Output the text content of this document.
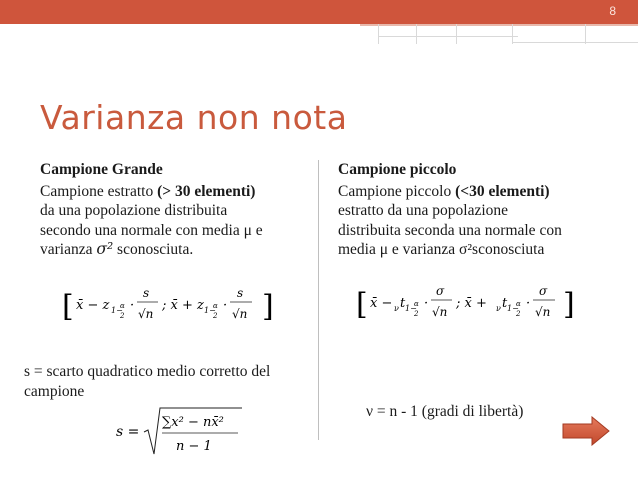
8
Varianza non nota

Campione Grande

Campione estratto (> 30 elementi)

da una popolazione distribuita

secondo una normale con media μ e

varianza σ² sconosciuta.

[ x̄ − z 1−
α
2
·
s
√n
; x̄ + z 1−
α
2
·
s
√n ]
s = scarto quadratico medio corretto del
campione
s =
∑x² − nx̄²
n − 1

Campione piccolo

Campione piccolo (<30 elementi)

estratto da una popolazione

distribuita seconda una normale con

media μ e varianza σ²sconosciuta

[ x̄ − ν t 1−
α
2
·
σ
√n
; x̄ + ν t 1−
α
2
·
σ
√n ]
ν = n - 1 (gradi di libertà)
